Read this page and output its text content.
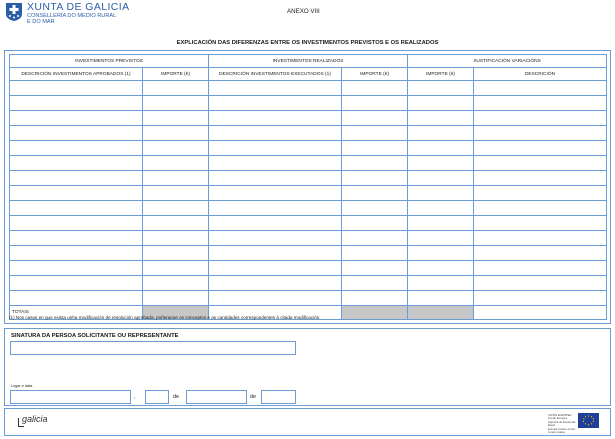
XUNTA DE GALICIA
CONSELLERÍA DO MEDIO RURAL
E DO MAR
ANEXO VIII
EXPLICACIÓN DAS DIFERENZAS ENTRE OS INVESTIMENTOS PREVISTOS E OS REALIZADOS
INVESTIMENTOS PREVISTOS		INVESTIMENTOS REALIZADOS		XUSTIFICACIÓN VARIACIÓNS	
DESCRICIÓN INVESTIMENTOS APROBADOS (1)	IMPORTE (€)	DESCRICIÓN INVESTIMENTOS EXECUTADOS (1)	IMPORTE (€)	IMPORTE (€)	DESCRICIÓN

TOTAIS					
(1) Nos casos en que exista unha modificación de resolución aprobada, poñeranse os conceptos e as cantidades correspondentes á citada modificación.
SINATURA DA PERSOA SOLICITANTE OU REPRESENTANTE
Lugar e data
,	de	de
galicia	UNIÓN EUROPEA
Fondo Europeo
Agrícola de Desarrollo Rural
Europa invierte en las zonas rurales
